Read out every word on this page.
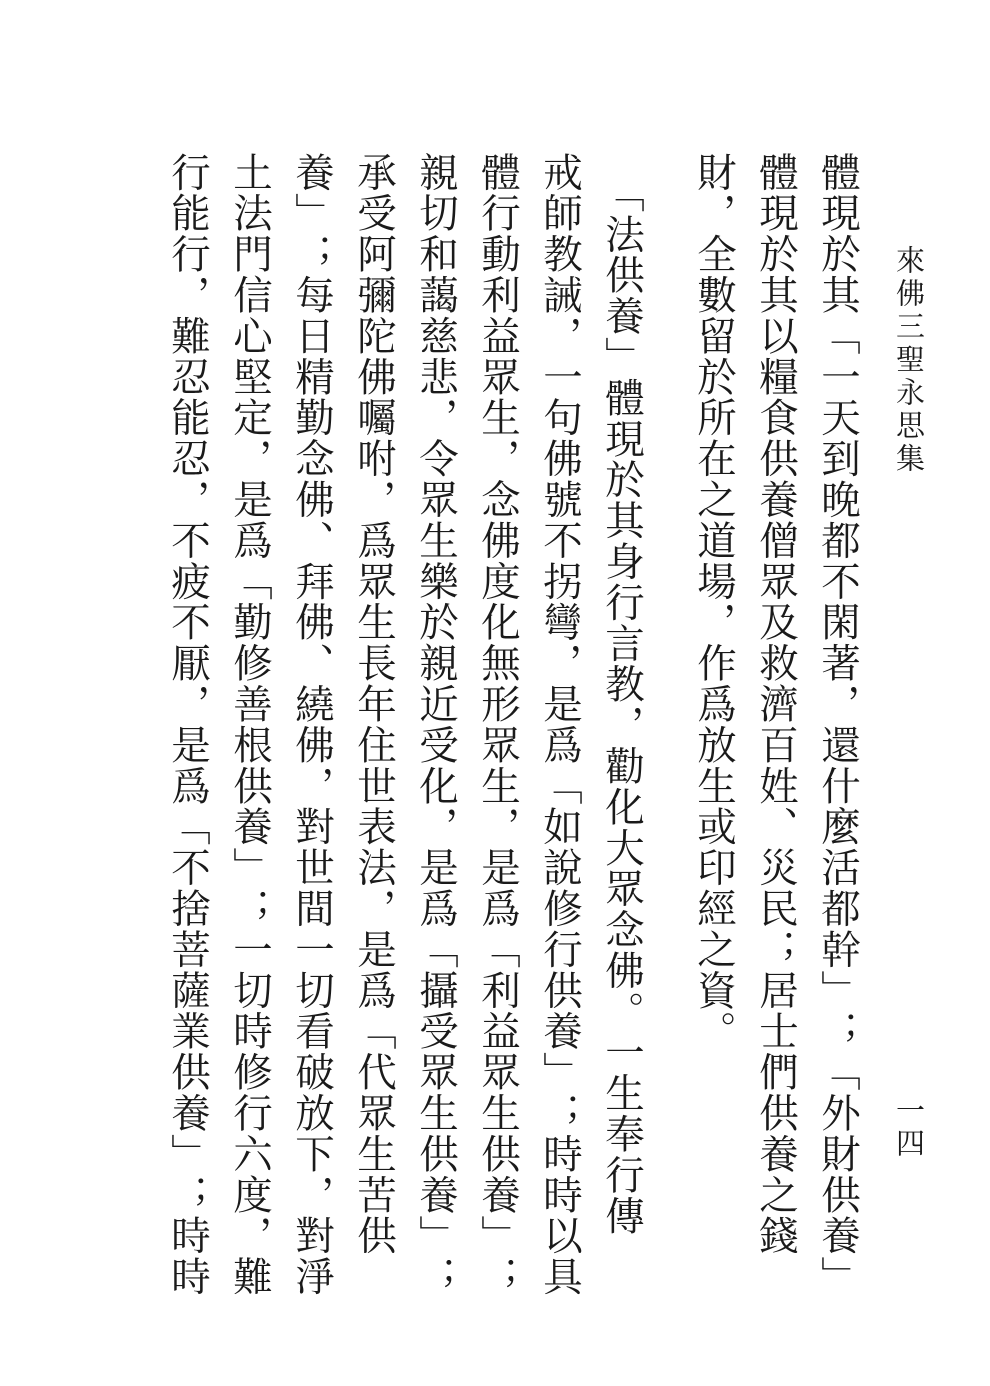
來佛三聖永思集
一四
體現於其「一天到晚都不閑著，還什麼活都幹」；「外財供養」
體現於其以糧食供養僧眾及救濟百姓、災民；居士們供養之錢
財，全數留於所在之道場，作爲放生或印經之資。
　「法供養」體現於其身行言教，勸化大眾念佛。一生奉行傳
戒師教誡，一句佛號不拐彎，是爲「如說修行供養」；時時以具
體行動利益眾生，念佛度化無形眾生，是爲「利益眾生供養」；
親切和藹慈悲，令眾生樂於親近受化，是爲「攝受眾生供養」；
承受阿彌陀佛囑咐，爲眾生長年住世表法，是爲「代眾生苦供
養」；每日精勤念佛、拜佛、繞佛，對世間一切看破放下，對淨
土法門信心堅定，是爲「勤修善根供養」；一切時修行六度，難
行能行，難忍能忍，不疲不厭，是爲「不捨菩薩業供養」；時時
